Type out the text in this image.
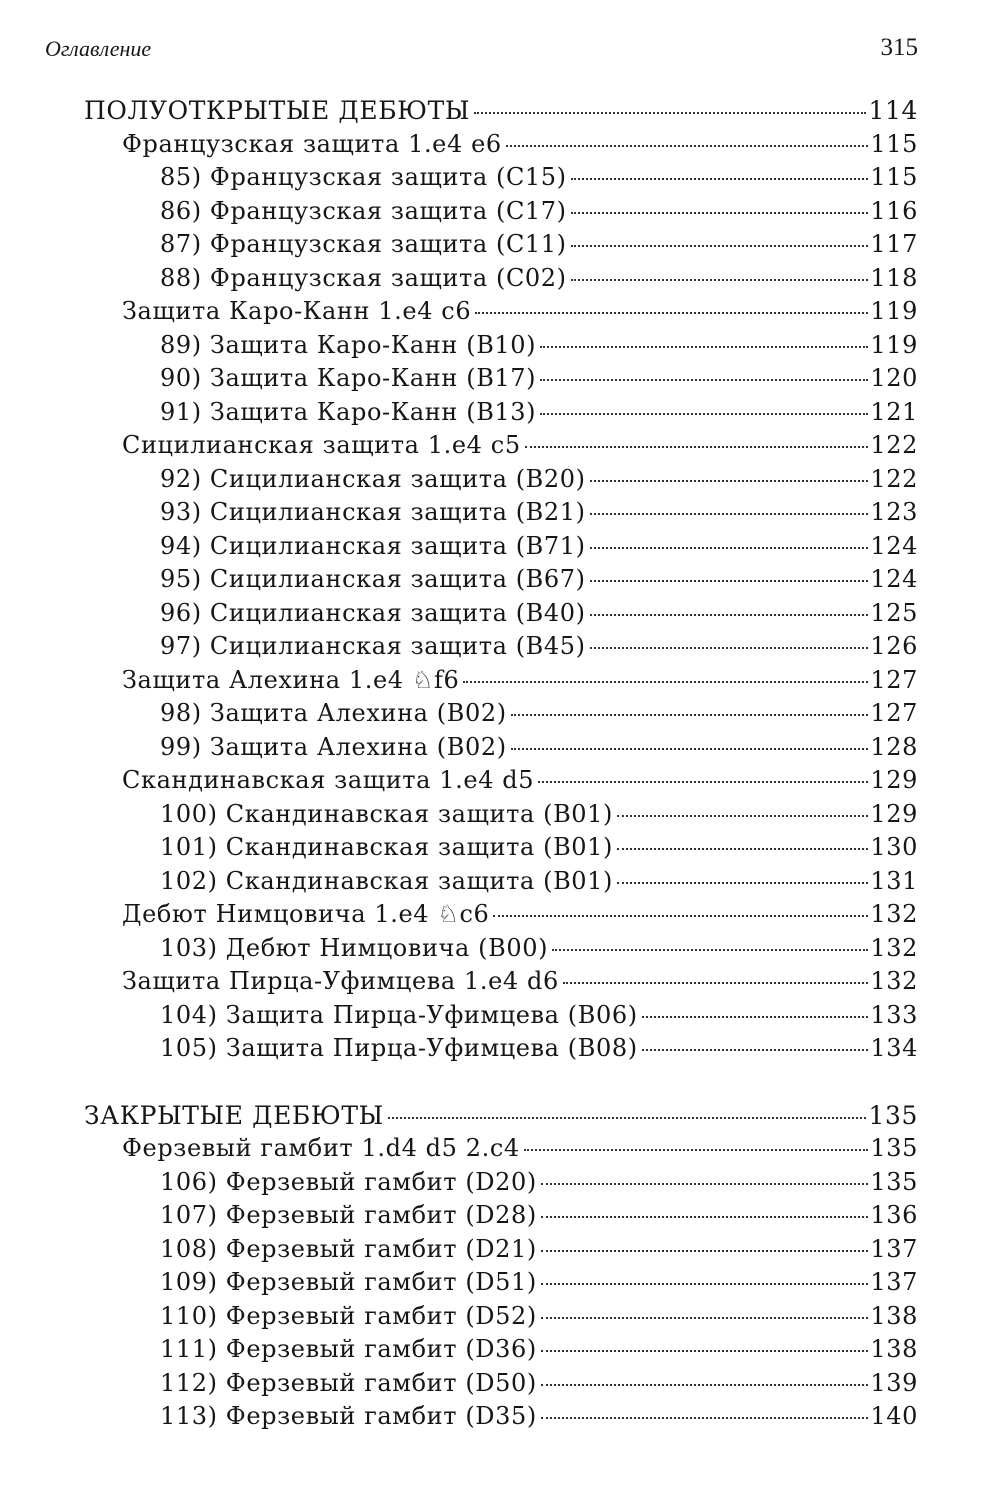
Оглавление	315
ПОЛУОТКРЫТЫЕ ДЕБЮТЫ	114
Французская защита 1.e4 e6	115
85) Французская защита (C15)	115
86) Французская защита (C17)	116
87) Французская защита (C11)	117
88) Французская защита (C02)	118
Защита Каро-Канн 1.e4 c6	119
89) Защита Каро-Канн (B10)	119
90) Защита Каро-Канн (B17)	120
91) Защита Каро-Канн (B13)	121
Сицилианская защита 1.e4 c5	122
92) Сицилианская защита (B20)	122
93) Сицилианская защита (B21)	123
94) Сицилианская защита (B71)	124
95) Сицилианская защита (B67)	124
96) Сицилианская защита (B40)	125
97) Сицилианская защита (B45)	126
Защита Алехина 1.e4 ♘f6	127
98) Защита Алехина (B02)	127
99) Защита Алехина (B02)	128
Скандинавская защита 1.e4 d5	129
100) Скандинавская защита (B01)	129
101) Скандинавская защита (B01)	130
102) Скандинавская защита (B01)	131
Дебют Нимцовича 1.e4 ♘c6	132
103) Дебют Нимцовича (B00)	132
Защита Пирца-Уфимцева 1.e4 d6	132
104) Защита Пирца-Уфимцева (B06)	133
105) Защита Пирца-Уфимцева (B08)	134
ЗАКРЫТЫЕ ДЕБЮТЫ	135
Ферзевый гамбит 1.d4 d5 2.c4	135
106) Ферзевый гамбит (D20)	135
107) Ферзевый гамбит (D28)	136
108) Ферзевый гамбит (D21)	137
109) Ферзевый гамбит (D51)	137
110) Ферзевый гамбит (D52)	138
111) Ферзевый гамбит (D36)	138
112) Ферзевый гамбит (D50)	139
113) Ферзевый гамбит (D35)	140
